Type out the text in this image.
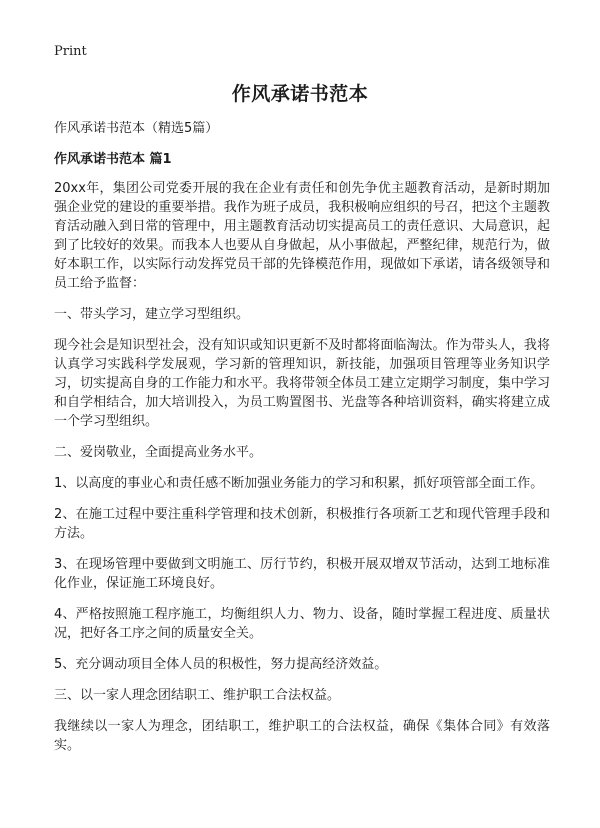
Print
作风承诺书范本

作风承诺书范本（精选5篇）

作风承诺书范本 篇1

20xx年，集团公司党委开展的我在企业有责任和创先争优主题教育活动，是新时期加强企业党的建设的重要举措。我作为班子成员，我积极响应组织的号召，把这个主题教育活动融入到日常的管理中，用主题教育活动切实提高员工的责任意识、大局意识，起到了比较好的效果。而我本人也要从自身做起，从小事做起，严整纪律，规范行为，做好本职工作，以实际行动发挥党员干部的先锋模范作用，现做如下承诺，请各级领导和员工给予监督：

一、带头学习，建立学习型组织。

现今社会是知识型社会，没有知识或知识更新不及时都将面临淘汰。作为带头人，我将认真学习实践科学发展观，学习新的管理知识，新技能，加强项目管理等业务知识学习，切实提高自身的工作能力和水平。我将带领全体员工建立定期学习制度，集中学习和自学相结合，加大培训投入，为员工购置图书、光盘等各种培训资料，确实将建立成一个学习型组织。

二、爱岗敬业，全面提高业务水平。

1、以高度的事业心和责任感不断加强业务能力的学习和积累，抓好项管部全面工作。

2、在施工过程中要注重科学管理和技术创新，积极推行各项新工艺和现代管理手段和方法。

3、在现场管理中要做到文明施工、厉行节约，积极开展双增双节活动，达到工地标准化作业，保证施工环境良好。

4、严格按照施工程序施工，均衡组织人力、物力、设备，随时掌握工程进度、质量状况，把好各工序之间的质量安全关。

5、充分调动项目全体人员的积极性，努力提高经济效益。

三、以一家人理念团结职工、维护职工合法权益。

我继续以一家人为理念，团结职工，维护职工的合法权益，确保《集体合同》有效落实。
